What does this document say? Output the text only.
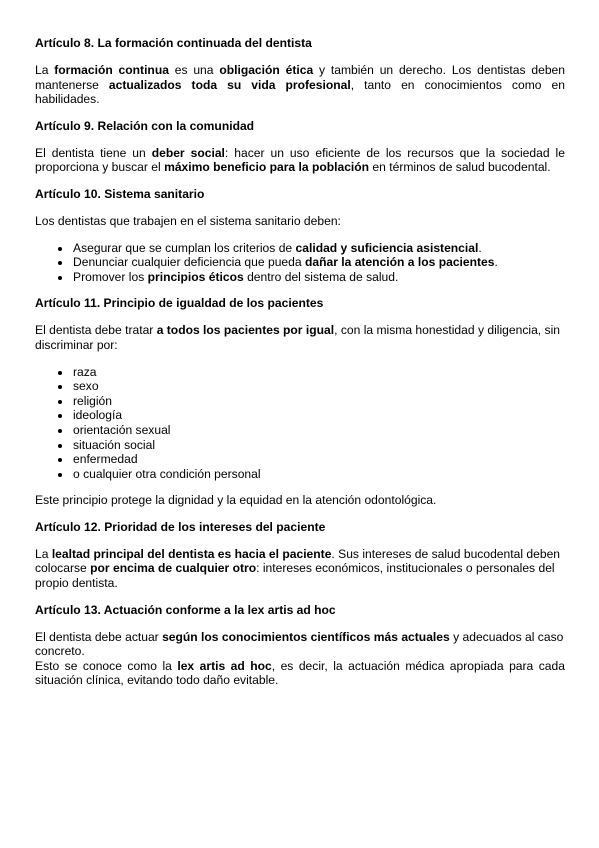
Artículo 8. La formación continuada del dentista

La formación continua es una obligación ética y también un derecho. Los dentistas deben mantenerse actualizados toda su vida profesional, tanto en conocimientos como en habilidades.

Artículo 9. Relación con la comunidad

El dentista tiene un deber social: hacer un uso eficiente de los recursos que la sociedad le proporciona y buscar el máximo beneficio para la población en términos de salud bucodental.

Artículo 10. Sistema sanitario

Los dentistas que trabajen en el sistema sanitario deben:

• Asegurar que se cumplan los criterios de calidad y suficiencia asistencial.
• Denunciar cualquier deficiencia que pueda dañar la atención a los pacientes.
• Promover los principios éticos dentro del sistema de salud.
Artículo 11. Principio de igualdad de los pacientes

El dentista debe tratar a todos los pacientes por igual, con la misma honestidad y diligencia, sin discriminar por:

• raza
• sexo
• religión
• ideología
• orientación sexual
• situación social
• enfermedad
• o cualquier otra condición personal

Este principio protege la dignidad y la equidad en la atención odontológica.

Artículo 12. Prioridad de los intereses del paciente

La lealtad principal del dentista es hacia el paciente. Sus intereses de salud bucodental deben colocarse por encima de cualquier otro: intereses económicos, institucionales o personales del propio dentista.

Artículo 13. Actuación conforme a la lex artis ad hoc

El dentista debe actuar según los conocimientos científicos más actuales y adecuados al caso concreto.

Esto se conoce como la lex artis ad hoc, es decir, la actuación médica apropiada para cada situación clínica, evitando todo daño evitable.
